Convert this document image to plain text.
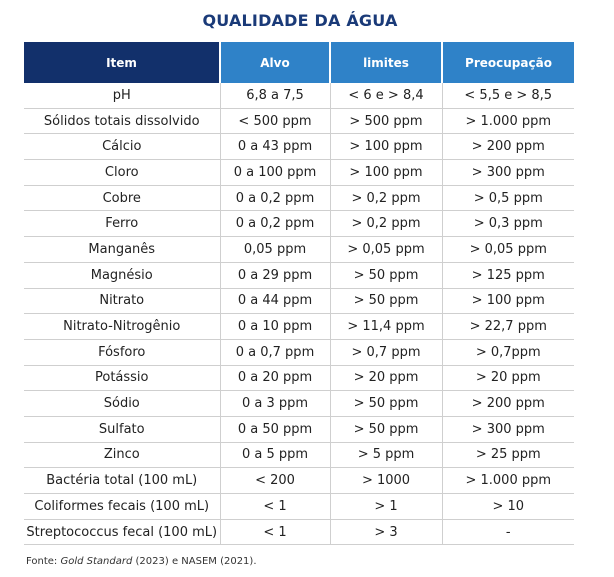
QUALIDADE DA ÁGUA
Item	Alvo	limites	Preocupação
pH	6,8 a 7,5	< 6 e > 8,4	< 5,5 e > 8,5
Sólidos totais dissolvido	< 500 ppm	> 500 ppm	> 1.000 ppm
Cálcio	0 a 43 ppm	> 100 ppm	> 200 ppm
Cloro	0 a 100 ppm	> 100 ppm	> 300 ppm
Cobre	0 a 0,2 ppm	> 0,2 ppm	> 0,5 ppm
Ferro	0 a 0,2 ppm	> 0,2 ppm	> 0,3 ppm
Manganês	0,05 ppm	> 0,05 ppm	> 0,05 ppm
Magnésio	0 a 29 ppm	> 50 ppm	> 125 ppm
Nitrato	0 a 44 ppm	> 50 ppm	> 100 ppm
Nitrato-Nitrogênio	0 a 10 ppm	> 11,4 ppm	> 22,7 ppm
Fósforo	0 a 0,7 ppm	> 0,7 ppm	> 0,7ppm
Potássio	0 a 20 ppm	> 20 ppm	> 20 ppm
Sódio	0 a 3 ppm	> 50 ppm	> 200 ppm
Sulfato	0 a 50 ppm	> 50 ppm	> 300 ppm
Zinco	0 a 5 ppm	> 5 ppm	> 25 ppm
Bactéria total (100 mL)	< 200	> 1000	> 1.000 ppm
Coliformes fecais (100 mL)	< 1	> 1	> 10
Streptococcus fecal (100 mL)	< 1	> 3	-
Fonte: Gold Standard (2023) e NASEM (2021).
